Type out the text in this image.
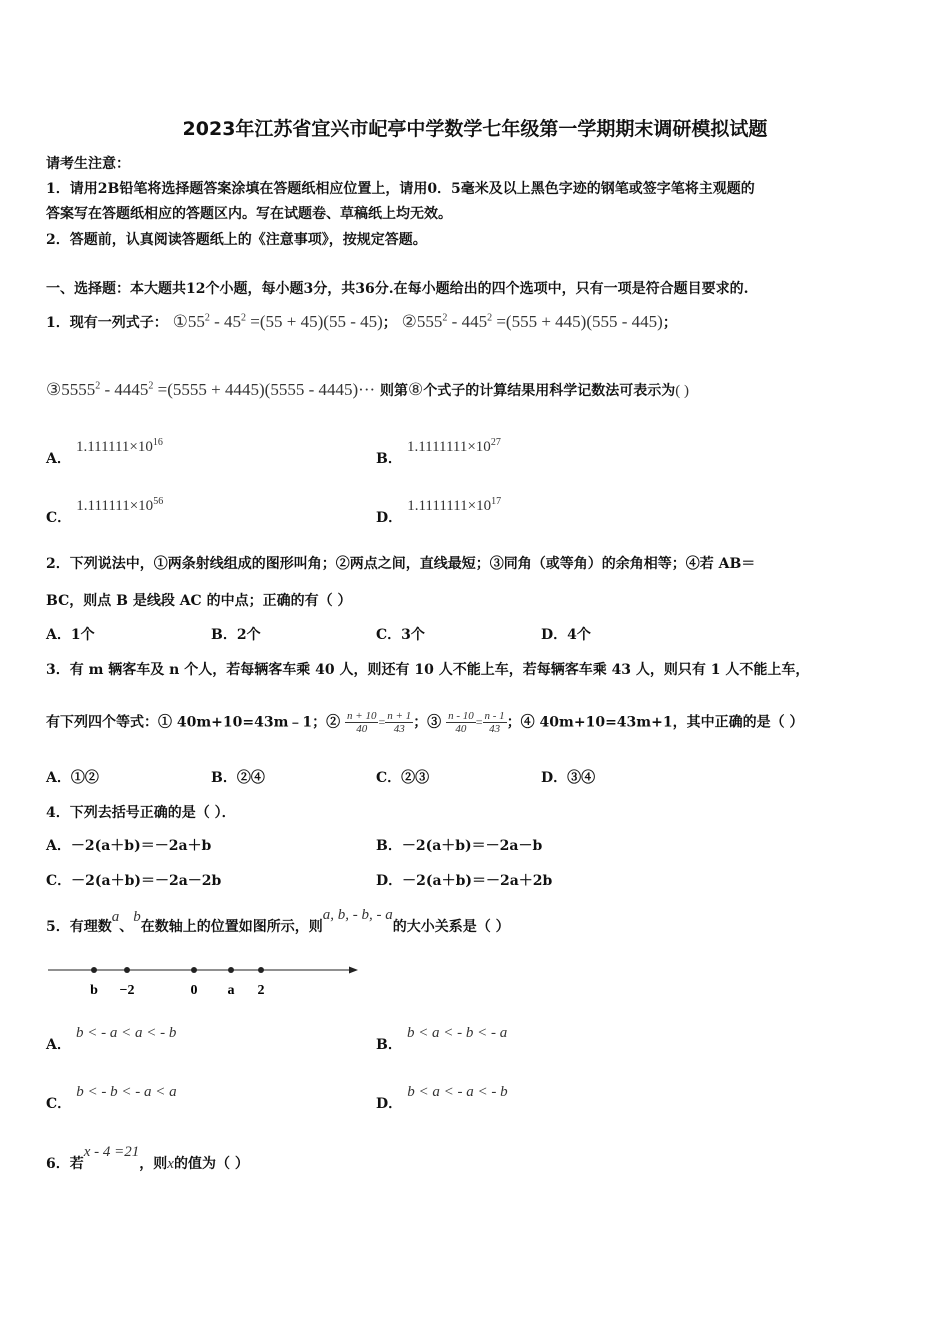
2023年江苏省宜兴市屺亭中学数学七年级第一学期期末调研模拟试题
请考生注意：
1．请用2B铅笔将选择题答案涂填在答题纸相应位置上，请用0．5毫米及以上黑色字迹的钢笔或签字笔将主观题的
答案写在答题纸相应的答题区内。写在试题卷、草稿纸上均无效。
2．答题前，认真阅读答题纸上的《注意事项》，按规定答题。
一、选择题：本大题共12个小题，每小题3分，共36分.在每小题给出的四个选项中，只有一项是符合题目要求的.
1．现有一列式子： $①55^2 - 45^2 =(55 + 45)(55 - 45)$； $②555^2 - 445^2 =(555 + 445)(555 - 445)$；
③5555$^2$ - $4445^2 =(5555 + 4445)(5555 - 4445)\cdot\cdot\cdot$ 则第⑧个式子的计算结果用科学记数法可表示为( )
A． $1.111111\times 10^{16}$
B． $1.1111111\times 10^{27}$
C． $1.111111\times 10^{56}$
D． $1.1111111\times 10^{17}$
2．下列说法中，①两条射线组成的图形叫角；②两点之间，直线最短；③同角（或等角）的余角相等；④若 AB＝
BC，则点 B 是线段 AC 的中点；正确的有（ ）
A．1个	B．2个	C．3个	D．4个
3．有 m 辆客车及 n 个人，若每辆客车乘 40 人，则还有 10 人不能上车，若每辆客车乘 43 人，则只有 1 人不能上车，
有下列四个等式：① 40m+10=43m﹣1；② $\frac{n + 10}{40} = \frac{n + 1}{43}$ ；③ $\frac{n - 10}{40} = \frac{n - 1}{43}$ ；④ 40m+10=43m+1，其中正确的是（ ）
A．①②	B．②④	C．②③	D．③④
4．下列去括号正确的是（ ）．
A．－2(a＋b)＝－2a＋b	B．－2(a＋b)＝－2a－b
C．－2(a＋b)＝－2a－2b	D．－2(a＋b)＝－2a＋2b
5．有理数a、b在数轴上的位置如图所示，则a, b, - b, - a的大小关系是（ ）
b −2	0 a 2
A． b < - a < a < - b
B． b < a < - b < - a
C． b < - b < - a < a
D． b < a < - a < - b
6．若x - 4 =21，则x的值为（ ）
